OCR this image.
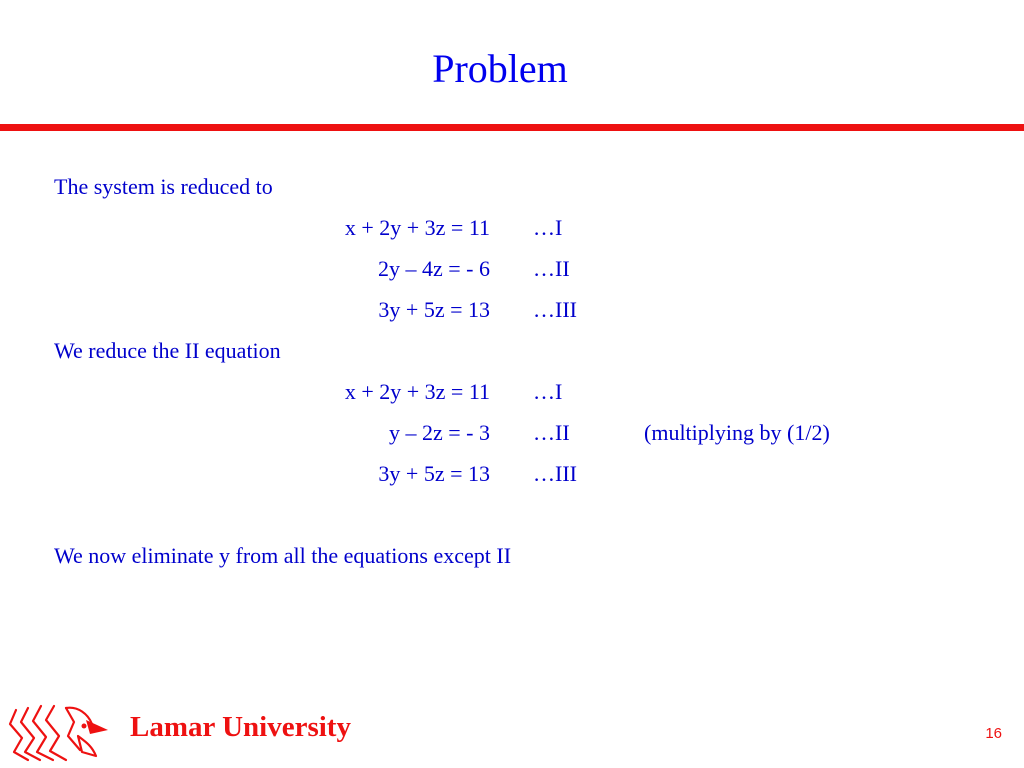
Problem
The system is reduced to
x + 2y + 3z = 11 …I
2y – 4z = - 6 …II
3y + 5z = 13 …III
We reduce the II equation
x + 2y + 3z = 11 …I
y – 2z = - 3 …II	(multiplying by (1/2)
3y + 5z = 13 …III
We now eliminate y from all the equations except II
Lamar University	16
